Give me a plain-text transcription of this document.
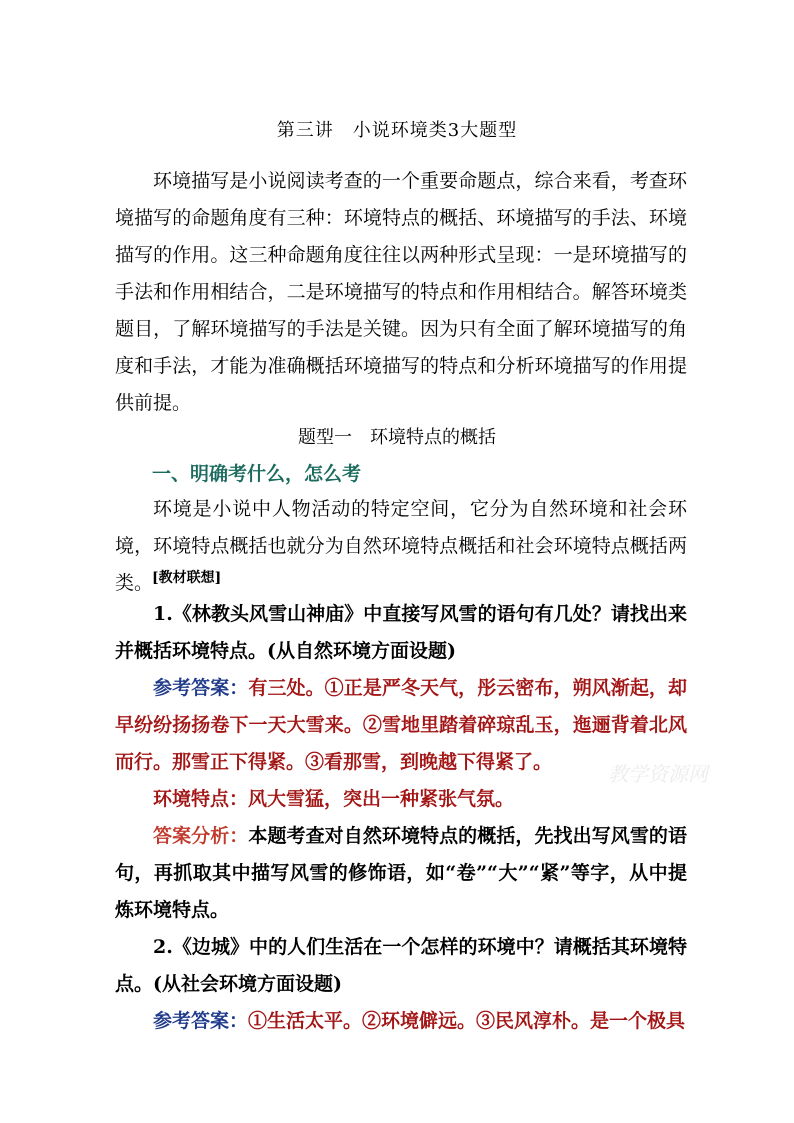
第三讲　小说环境类3大题型

环境描写是小说阅读考查的一个重要命题点，综合来看，考查环境描写的命题角度有三种：环境特点的概括、环境描写的手法、环境描写的作用。这三种命题角度往往以两种形式呈现：一是环境描写的手法和作用相结合，二是环境描写的特点和作用相结合。解答环境类题目，了解环境描写的手法是关键。因为只有全面了解环境描写的角度和手法，才能为准确概括环境描写的特点和分析环境描写的作用提供前提。

题型一　环境特点的概括
一、明确考什么，怎么考

环境是小说中人物活动的特定空间，它分为自然环境和社会环境，环境特点概括也就分为自然环境特点概括和社会环境特点概括两类。

[教材联想]

1.《林教头风雪山神庙》中直接写风雪的语句有几处？请找出来并概括环境特点。(从自然环境方面设题)

参考答案：有三处。①正是严冬天气，彤云密布，朔风渐起，却早纷纷扬扬卷下一天大雪来。②雪地里踏着碎琼乱玉，迤逦背着北风而行。那雪正下得紧。③看那雪，到晚越下得紧了。

环境特点：风大雪猛，突出一种紧张气氛。

答案分析：本题考查对自然环境特点的概括，先找出写风雪的语句，再抓取其中描写风雪的修饰语，如“卷”“大”“紧”等字，从中提炼环境特点。

2.《边城》中的人们生活在一个怎样的环境中？请概括其环境特点。(从社会环境方面设题)

参考答案：①生活太平。②环境僻远。③民风淳朴。是一个极具

教学资源网
